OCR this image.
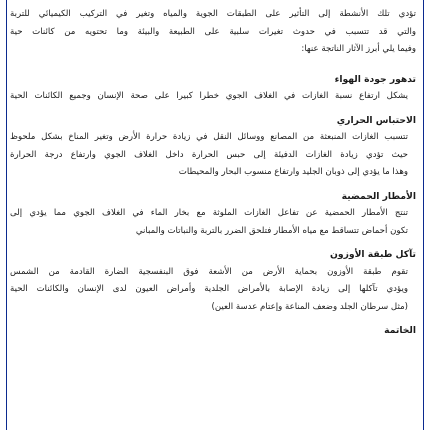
تؤدي تلك الأنشطة إلى التأثير على الطبقات الجوية والمياه وتغير في التركيب الكيميائي للتربة
والتي قد تتسبب في حدوث تغيرات سلبية على الطبيعة والبيئة وما تحتويه من كائنات حية
وفيما يلي أبرز الآثار الناتجة عنها:
تدهور جودة الهواء
يشكل ارتفاع نسبة الغازات في الغلاف الجوي خطرا كبيرا على صحة الإنسان وجميع الكائنات الحية
الاحتباس الحراري
تتسبب الغازات المنبعثة من المصانع ووسائل النقل في زيادة حرارة الأرض وتغير المناخ بشكل ملحوظ
حيث تؤدي زيادة الغازات الدفيئة إلى حبس الحرارة داخل الغلاف الجوي وارتفاع درجة الحرارة
وهذا ما يؤدي إلى ذوبان الجليد وارتفاع منسوب البحار والمحيطات
الأمطار الحمضية
تنتج الأمطار الحمضية عن تفاعل الغازات الملوثة مع بخار الماء في الغلاف الجوي مما يؤدي إلى
تكون أحماض تتساقط مع مياه الأمطار فتلحق الضرر بالتربة والنباتات والمباني
تآكل طبقة الأوزون
تقوم طبقة الأوزون بحماية الأرض من الأشعة فوق البنفسجية الضارة القادمة من الشمس
ويؤدي تآكلها إلى زيادة الإصابة بالأمراض الجلدية وأمراض العيون لدى الإنسان والكائنات الحية
(مثل سرطان الجلد وضعف المناعة وإعتام عدسة العين)
الخاتمة
